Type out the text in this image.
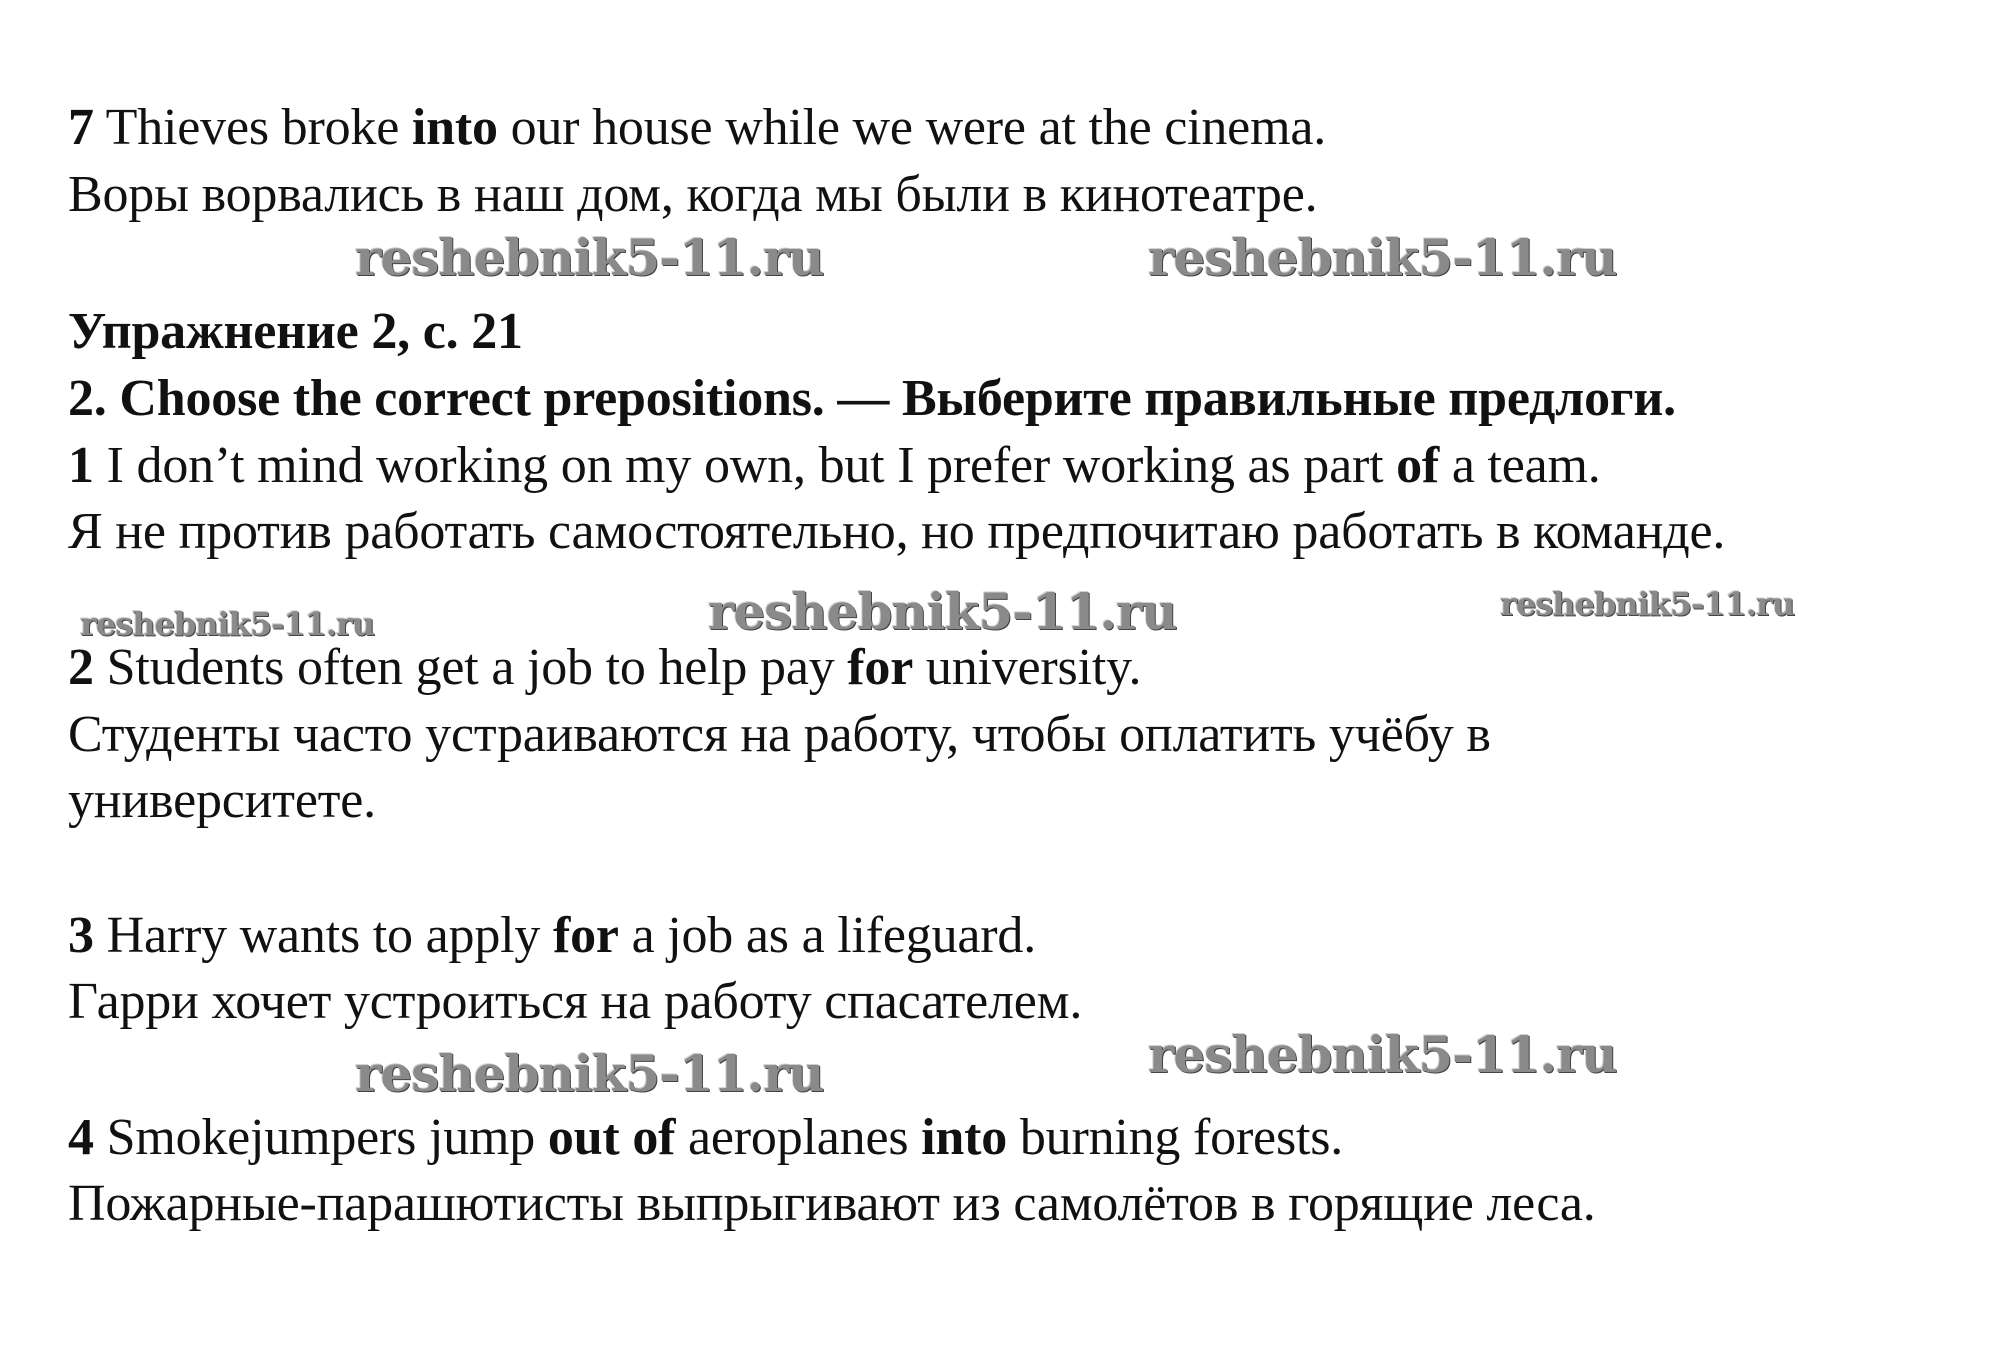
7 Thieves broke into our house while we were at the cinema.
Воры ворвались в наш дом, когда мы были в кинотеатре.
reshebnik5-11.ru	reshebnik5-11.ru
Упражнение 2, с. 21
2. Choose the correct prepositions. — Выберите правильные предлоги.
1 I don’t mind working on my own, but I prefer working as part of a team.
Я не против работать самостоятельно, но предпочитаю работать в команде.
reshebnik5-11.ru	reshebnik5-11.ru	reshebnik5-11.ru
2 Students often get a job to help pay for university.
Студенты часто устраиваются на работу, чтобы оплатить учёбу в
университете.
3 Harry wants to apply for a job as a lifeguard.
Гарри хочет устроиться на работу спасателем.
reshebnik5-11.ru	reshebnik5-11.ru
4 Smokejumpers jump out of aeroplanes into burning forests.
Пожарные-парашютисты выпрыгивают из самолётов в горящие леса.
